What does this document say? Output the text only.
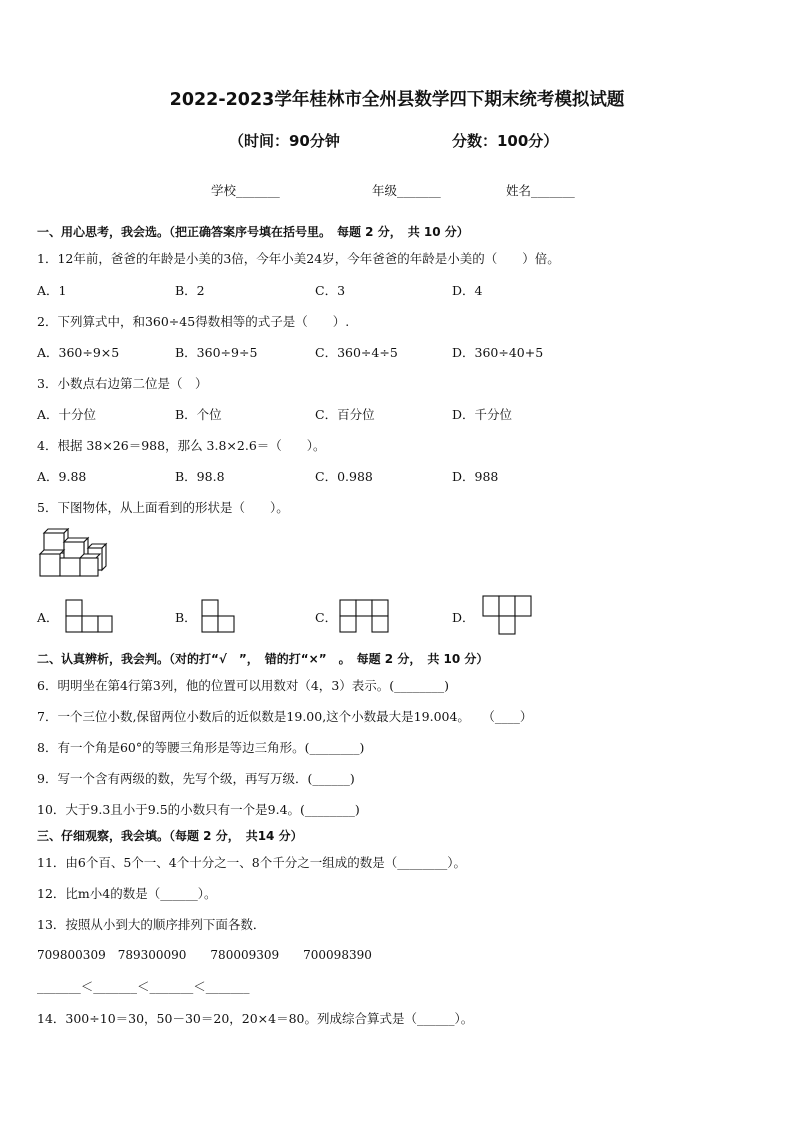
2022-2023学年桂林市全州县数学四下期末统考模拟试题
（时间：90分钟	分数：100分）
学校_______	年级_______	姓名_______
一、用心思考，我会选。（把正确答案序号填在括号里。　每题 2 分，　共 10 分）
1．12年前，爸爸的年龄是小美的3倍，今年小美24岁，今年爸爸的年龄是小美的（　　）倍。
A．1	B．2	C．3	D．4
2．下列算式中，和360÷45得数相等的式子是（　　）.
A．360÷9×5	B．360÷9÷5	C．360÷4÷5	D．360÷40+5
3．小数点右边第二位是（　）
A．十分位	B．个位	C．百分位	D．千分位
4．根据 38×26＝988，那么 3.8×2.6＝（　　）。
A．9.88	B．98.8	C．0.988	D．988
5．下图物体，从上面看到的形状是（　　）。
A．	B．	C．	D．
二、认真辨析，我会判。（对的打“√　”，　错的打“×”　。　每题 2 分，　共 10 分）
6．明明坐在第4行第3列，他的位置可以用数对（4，3）表示。(________)
7．一个三位小数,保留两位小数后的近似数是19.00,这个小数最大是19.004。　　（____）
8．有一个角是60°的等腰三角形是等边三角形。(________)
9．写一个含有两级的数，先写个级，再写万级．(______)
10．大于9.3且小于9.5的小数只有一个是9.4。(________)
三、仔细观察，我会填。（每题 2 分，　共14 分）
11．由6个百、5个一、4个十分之一、8个千分之一组成的数是（________）。
12．比m小4的数是（______）。
13．按照从小到大的顺序排列下面各数．
709800309　789300090　　780009309　　700098390
_______＜_______＜_______＜_______
14．300÷10＝30，50－30＝20，20×4＝80。列成综合算式是（______）。
